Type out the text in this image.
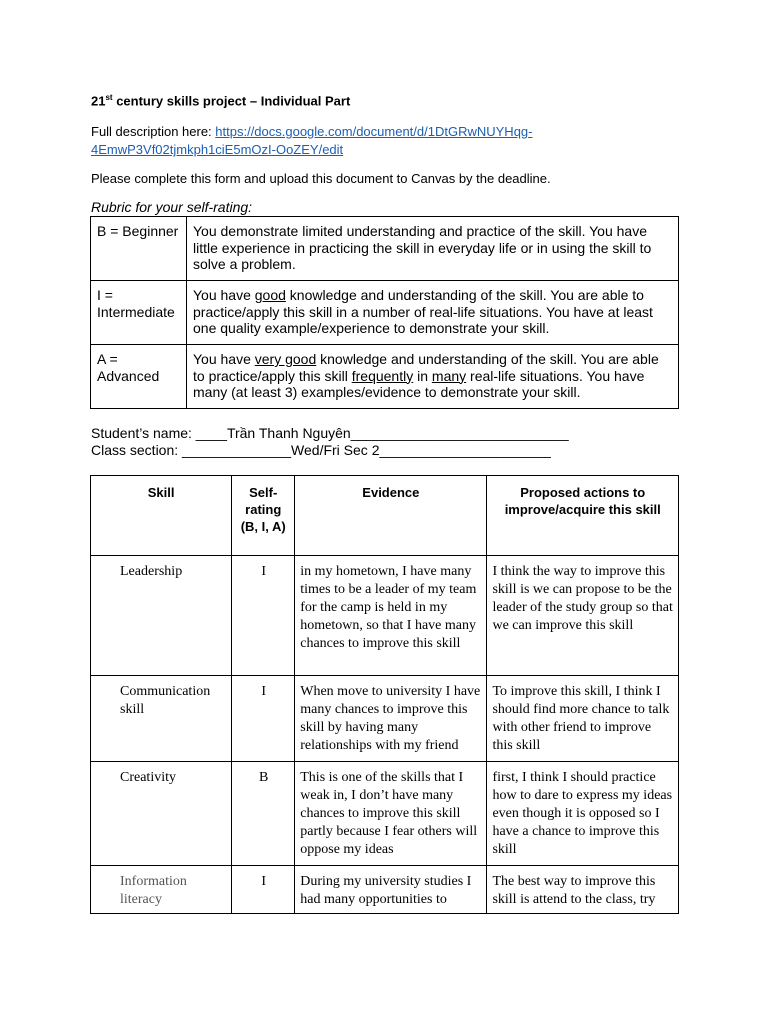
21st century skills project – Individual Part
Full description here: https://docs.google.com/document/d/1DtGRwNUYHqg-
4EmwP3Vf02tjmkph1ciE5mOzI-OoZEY/edit
Please complete this form and upload this document to Canvas by the deadline.
Rubric for your self-rating:
B = Beginner	You demonstrate limited understanding and practice of the skill. You have little experience in practicing the skill in everyday life or in using the skill to solve a problem.
I =
Intermediate	You have good knowledge and understanding of the skill. You are able to practice/apply this skill in a number of real-life situations. You have at least one quality example/experience to demonstrate your skill.
A =
Advanced	You have very good knowledge and understanding of the skill. You are able to practice/apply this skill frequently in many real-life situations. You have many (at least 3) examples/evidence to demonstrate your skill.
Student’s name: ____Trần Thanh Nguyên____________________________
Class section: ______________Wed/Fri Sec 2______________________
Skill	Self-rating (B, I, A)	Evidence	Proposed actions to improve/acquire this skill
Leadership	I	in my hometown, I have many times to be a leader of my team for the camp is held in my hometown, so that I have many chances to improve this skill	I think the way to improve this skill is we can propose to be the leader of the study group so that we can improve this skill
Communication skill	I	When move to university I have many chances to improve this skill by having many relationships with my friend	To improve this skill, I think I should find more chance to talk with other friend to improve this skill
Creativity	B	This is one of the skills that I weak in, I don’t have many chances to improve this skill partly because I fear others will oppose my ideas	first, I think I should practice how to dare to express my ideas even though it is opposed so I have a chance to improve this skill
Information literacy	I	During my university studies I had many opportunities to	The best way to improve this skill is attend to the class, try
